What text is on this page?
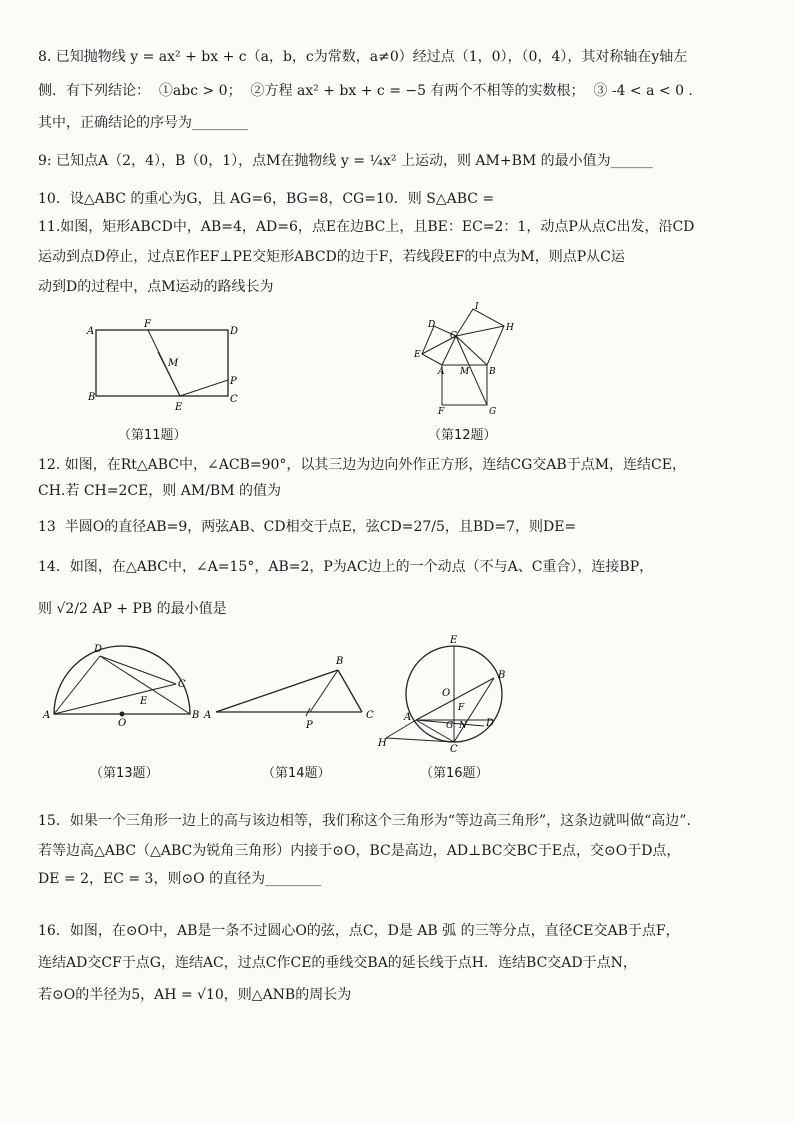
8. 已知抛物线 y = ax² + bx + c（a，b，c为常数，a≠0）经过点（1，0），（0，4），其对称轴在y轴左
侧．有下列结论：  ①abc > 0；  ②方程 ax² + bx + c = −5 有两个不相等的实数根；  ③ -4 < a < 0 .
其中，正确结论的序号为________
9: 已知点A（2，4），B（0，1），点M在抛物线 y = ¼x² 上运动，则 AM+BM 的最小值为______
10．设△ABC 的重心为G，且 AG=6，BG=8，CG=10．则 S△ABC =
11.如图，矩形ABCD中，AB=4，AD=6，点E在边BC上，且BE：EC=2：1，动点P从点C出发，沿CD
运动到点D停止，过点E作EF⊥PE交矩形ABCD的边于F，若线段EF的中点为M，则点P从C运
动到D的过程中，点M运动的路线长为
A
F
D
B
E
C
P
M
（第11题）
D
I
H
C
E
A M B
F	G
（第12题）
12. 如图，在Rt△ABC中，∠ACB=90°，以其三边为边向外作正方形，连结CG交AB于点M，连结CE，
CH.若 CH=2CE，则 AM/BM 的值为
13  半圆O的直径AB=9，两弦AB、CD相交于点E，弦CD=27/5，且BD=7，则DE=
14．如图，在△ABC中，∠A=15°，AB=2，P为AC边上的一个动点（不与A、C重合），连接BP，
则 √2/2 AP + PB 的最小值是
A
D
C
E
O
B
（第13题）
A
B
C
P
（第14题）
E
O
B
A
G N D
C
H
F
（第16题）
15．如果一个三角形一边上的高与该边相等，我们称这个三角形为“等边高三角形”，这条边就叫做“高边”．
若等边高△ABC（△ABC为锐角三角形）内接于⊙O，BC是高边，AD⊥BC交BC于E点，交⊙O于D点，
DE = 2，EC = 3，则⊙O 的直径为________
16．如图，在⊙O中，AB是一条不过圆心O的弦，点C，D是 AB 弧 的三等分点，直径CE交AB于点F，
连结AD交CF于点G，连结AC，过点C作CE的垂线交BA的延长线于点H．连结BC交AD于点N，
若⊙O的半径为5，AH = √10，则△ANB的周长为
